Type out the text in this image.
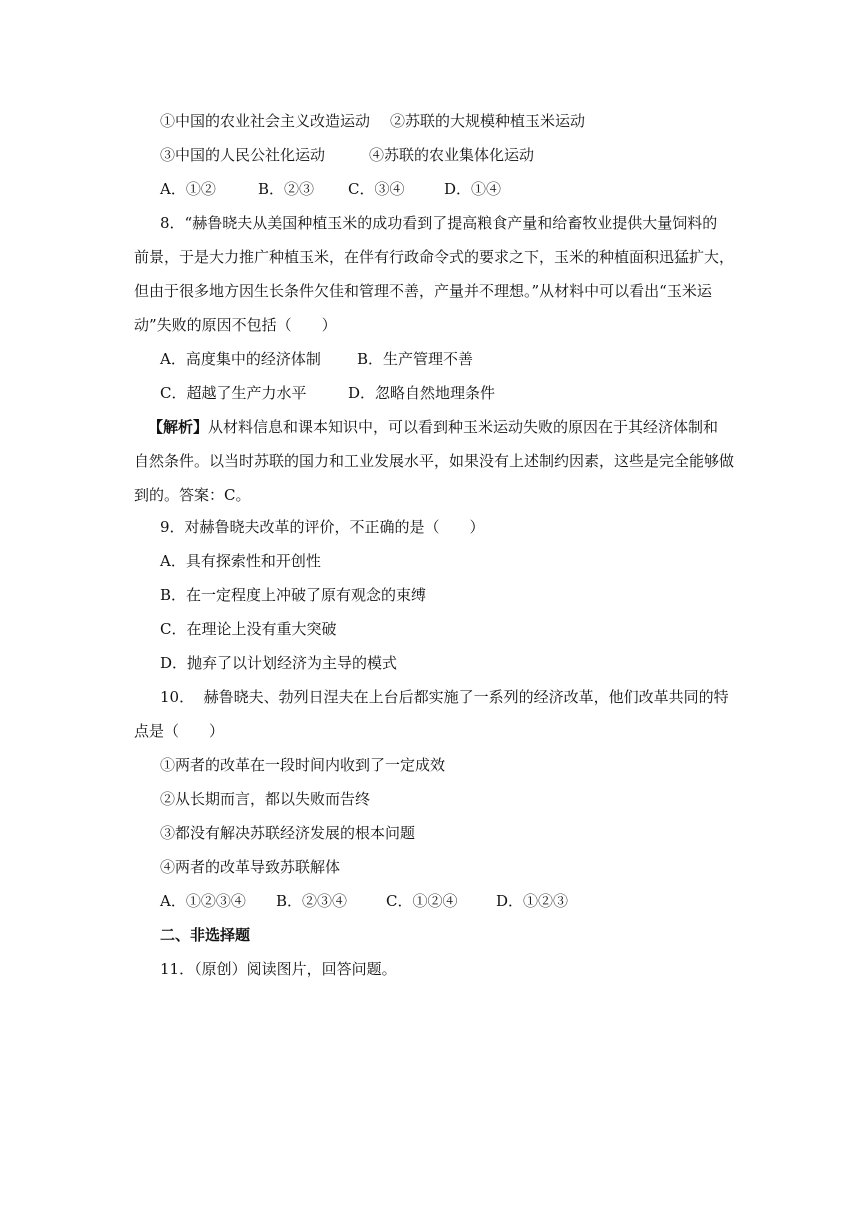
①中国的农业社会主义改造运动 ②苏联的大规模种植玉米运动
③中国的人民公社化运动	④苏联的农业集体化运动
A．①②	B．②③ C．③④	D．①④
8．“赫鲁晓夫从美国种植玉米的成功看到了提高粮食产量和给畜牧业提供大量饲料的
前景，于是大力推广种植玉米，在伴有行政命令式的要求之下，玉米的种植面积迅猛扩大，
但由于很多地方因生长条件欠佳和管理不善，产量并不理想。”从材料中可以看出“玉米运
动”失败的原因不包括（　　）
A．高度集中的经济体制 B．生产管理不善
C．超越了生产力水平	D．忽略自然地理条件
【解析】从材料信息和课本知识中，可以看到种玉米运动失败的原因在于其经济体制和
自然条件。以当时苏联的国力和工业发展水平，如果没有上述制约因素，这些是完全能够做
到的。答案：C。
9．对赫鲁晓夫改革的评价，不正确的是（　　）
A．具有探索性和开创性
B．在一定程度上冲破了原有观念的束缚
C．在理论上没有重大突破
D．抛弃了以计划经济为主导的模式
10．  赫鲁晓夫、勃列日涅夫在上台后都实施了一系列的经济改革，他们改革共同的特
点是（　　）
①两者的改革在一段时间内收到了一定成效
②从长期而言，都以失败而告终
③都没有解决苏联经济发展的根本问题
④两者的改革导致苏联解体
A．①②③④ B．②③④	C．①②④	D．①②③
二、非选择题
11．（原创）阅读图片，回答问题。
